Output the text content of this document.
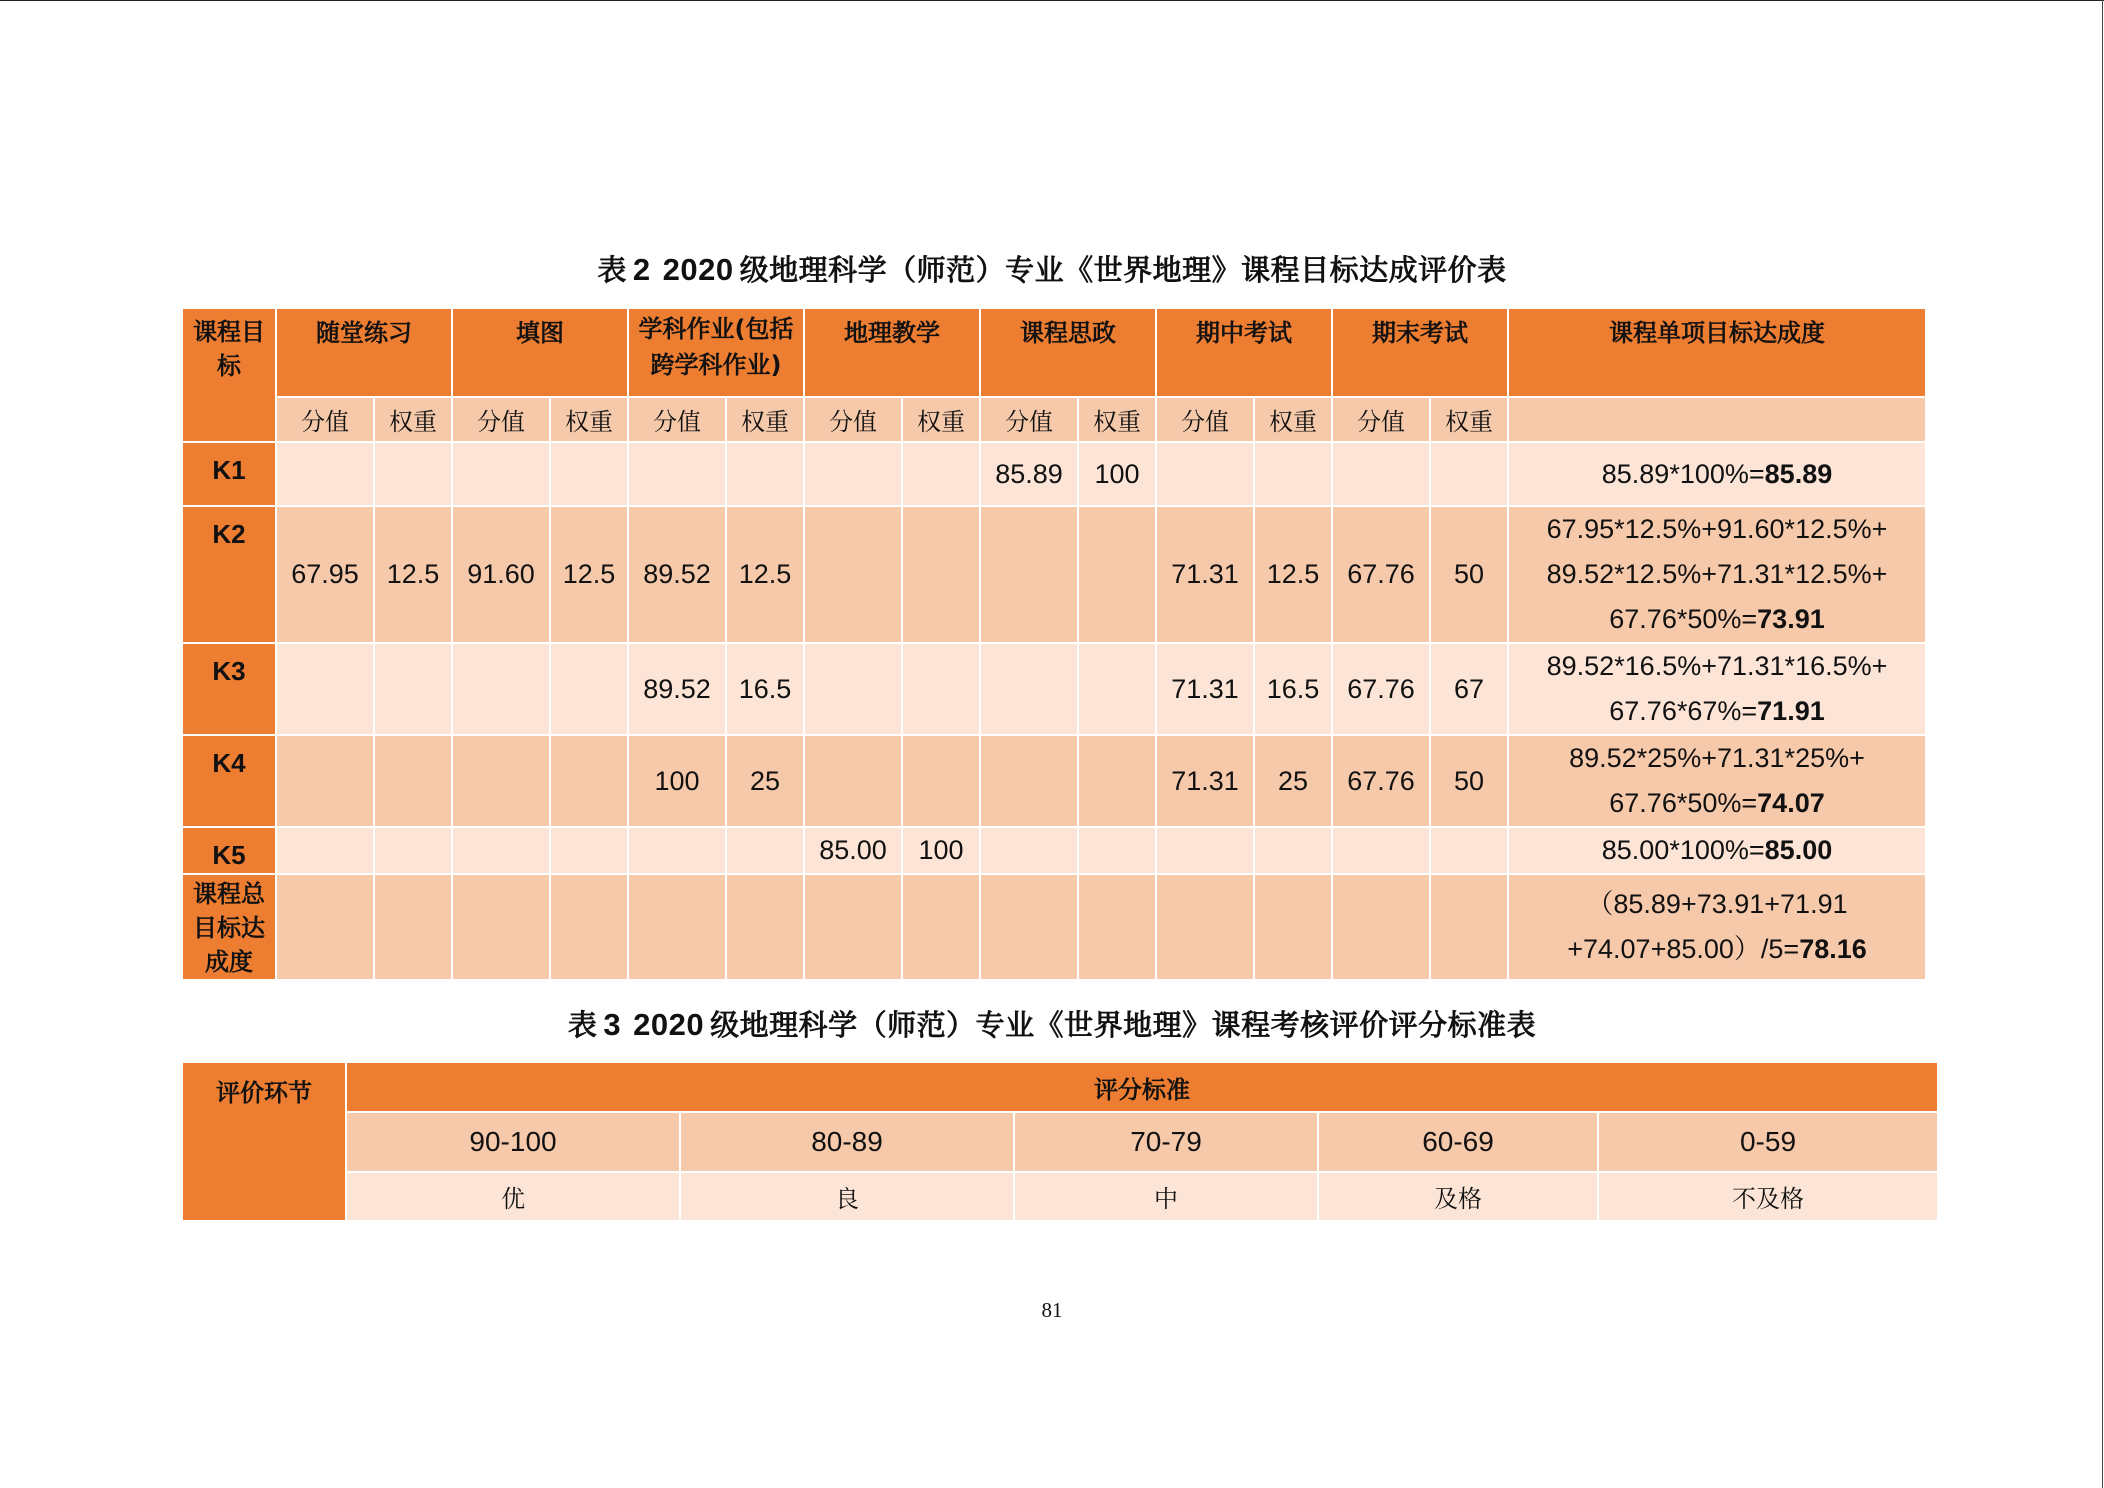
表 2 2020 级地理科学（师范）专业《世界地理》课程目标达成评价表
课程目标	随堂练习		填图		学科作业(包括跨学科作业)		地理教学		课程思政		期中考试		期末考试		课程单项目标达成度
	分值	权重	分值	权重	分值	权重	分值	权重	分值	权重	分值	权重	分值	权重	
K1									85.89	100					85.89*100%=85.89
K2	67.95	12.5	91.60	12.5	89.52	12.5					71.31	12.5	67.76	50	67.95*12.5%+91.60*12.5%+
89.52*12.5%+71.31*12.5%+
67.76*50%=73.91
K3					89.52	16.5					71.31	16.5	67.76	67	89.52*16.5%+71.31*16.5%+
67.76*67%=71.91
K4					100	25					71.31	25	67.76	50	89.52*25%+71.31*25%+
67.76*50%=74.07
K5							85.00	100							85.00*100%=85.00
课程总目标达成度															（85.89+73.91+71.91
+74.07+85.00）/5=78.16
表 3 2020 级地理科学（师范）专业《世界地理》课程考核评价评分标准表
评价环节	评分标准				
	90-100	80-89	70-79	60-69	0-59
	优	良	中	及格	不及格
81
